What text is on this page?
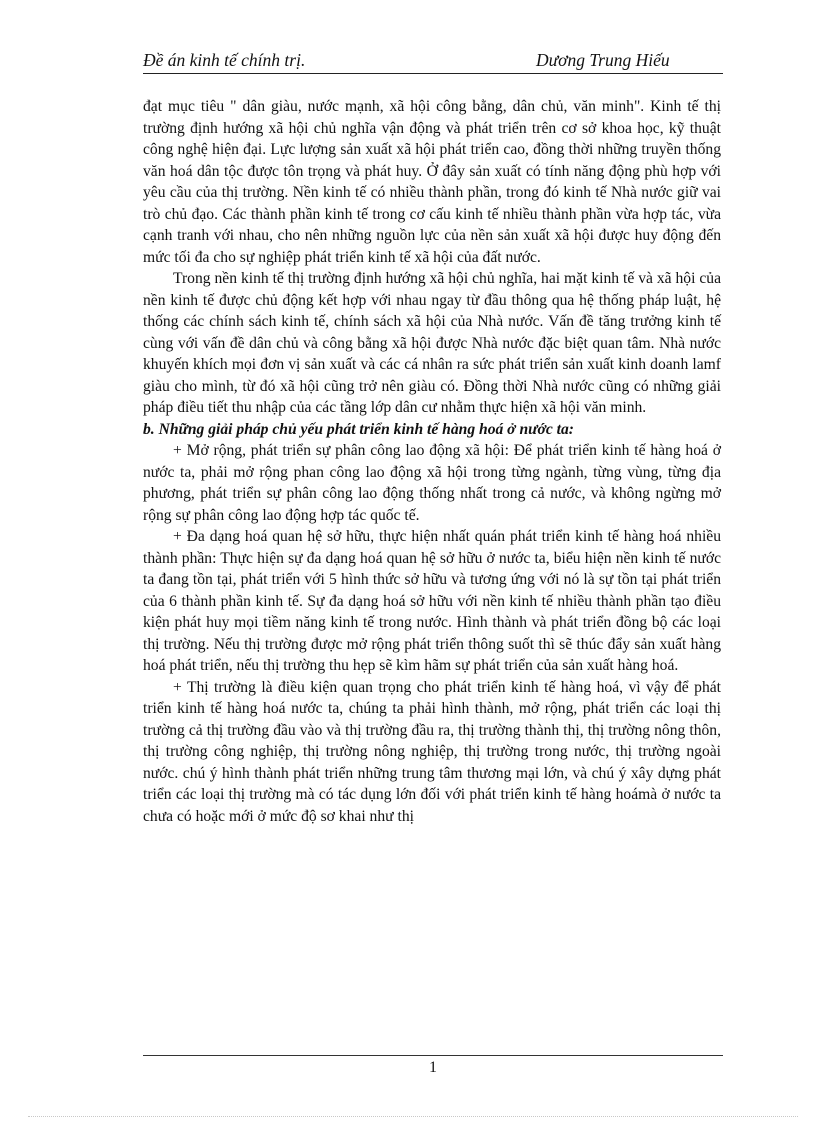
Đề án kinh tế chính trị.	Dương Trung Hiếu

đạt mục tiêu " dân giàu, nước mạnh, xã hội công bằng, dân chủ, văn minh". Kinh tế thị trường định hướng xã hội chủ nghĩa vận động và phát triển trên cơ sở khoa học, kỹ thuật công nghệ hiện đại. Lực lượng sản xuất xã hội phát triển cao, đồng thời những truyền thống văn hoá dân tộc được tôn trọng và phát huy. Ở đây sản xuất có tính năng động phù hợp với yêu cầu của thị trường. Nền kinh tế có nhiều thành phần, trong đó kinh tế Nhà nước giữ vai trò chủ đạo. Các thành phần kinh tế trong cơ cấu kinh tế nhiều thành phần vừa hợp tác, vừa cạnh tranh với nhau, cho nên những nguồn lực của nền sản xuất xã hội được huy động đến mức tối đa cho sự nghiệp phát triển kinh tế xã hội của đất nước.

Trong nền kinh tế thị trường định hướng xã hội chủ nghĩa, hai mặt kinh tế và xã hội của nền kinh tế được chủ động kết hợp với nhau ngay từ đầu thông qua hệ thống pháp luật, hệ thống các chính sách kinh tế, chính sách xã hội của Nhà nước. Vấn đề tăng trưởng kinh tế cùng với vấn đề dân chủ và công bằng xã hội được Nhà nước đặc biệt quan tâm. Nhà nước khuyến khích mọi đơn vị sản xuất và các cá nhân ra sức phát triển sản xuất kinh doanh lamf giàu cho mình, từ đó xã hội cũng trở nên giàu có. Đồng thời Nhà nước cũng có những giải pháp điều tiết thu nhập của các tầng lớp dân cư nhằm thực hiện xã hội văn minh.

b. Những giải pháp chủ yếu phát triển kinh tế hàng hoá ở nước ta:

+ Mở rộng, phát triển sự phân công lao động xã hội: Để phát triển kinh tế hàng hoá ở nước ta, phải mở rộng phan công lao động xã hội trong từng ngành, từng vùng, từng địa phương, phát triển sự phân công lao động thống nhất trong cả nước, và không ngừng mở rộng sự phân công lao động hợp tác quốc tế.

+ Đa dạng hoá quan hệ sở hữu, thực hiện nhất quán phát triển kinh tế hàng hoá nhiều thành phần: Thực hiện sự đa dạng hoá quan hệ sở hữu ở nước ta, biểu hiện nền kinh tế nước ta đang tồn tại, phát triển với 5 hình thức sở hữu và tương ứng với nó là sự tồn tại phát triển của 6 thành phần kinh tế. Sự đa dạng hoá sở hữu với nền kinh tế nhiều thành phần tạo điều kiện phát huy mọi tiềm năng kinh tế trong nước. Hình thành và phát triển đồng bộ các loại thị trường. Nếu thị trường được mở rộng phát triển thông suốt thì sẽ thúc đẩy sản xuất hàng hoá phát triển, nếu thị trường thu hẹp sẽ kìm hãm sự phát triển của sản xuất hàng hoá.

+ Thị trường là điều kiện quan trọng cho phát triển kinh tế hàng hoá, vì vậy để phát triển kinh tế hàng hoá nước ta, chúng ta phải hình thành, mở rộng, phát triển các loại thị trường cả thị trường đầu vào và thị trường đầu ra, thị trường thành thị, thị trường nông thôn, thị trường công nghiệp, thị trường nông nghiệp, thị trường trong nước, thị trường ngoài nước. chú ý hình thành phát triển những trung tâm thương mại lớn, và chú ý xây dựng phát triển các loại thị trường mà có tác dụng lớn đối với phát triển kinh tế hàng hoámà ở nước ta chưa có hoặc mới ở mức độ sơ khai như thị

1
